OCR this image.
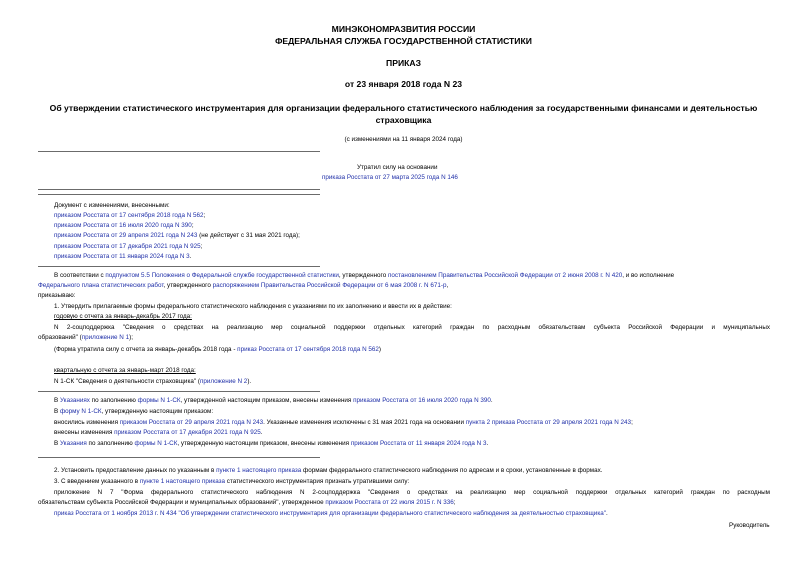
МИНЭКОНОМРАЗВИТИЯ РОССИИ
ФЕДЕРАЛЬНАЯ СЛУЖБА ГОСУДАРСТВЕННОЙ СТАТИСТИКИ
ПРИКАЗ
от 23 января 2018 года N 23
Об утверждении статистического инструментария для организации федерального статистического наблюдения за государственными финансами и деятельностью
страховщика
(с изменениями на 11 января 2024 года)
Утратил силу на основании
приказа Росстата от 27 марта 2025 года N 146
Документ с изменениями, внесенными:
приказом Росстата от 17 сентября 2018 года N 562;
приказом Росстата от 16 июля 2020 года N 390;
приказом Росстата от 29 апреля 2021 года N 243 (не действует с 31 мая 2021 года);
приказом Росстата от 17 декабря 2021 года N 925;
приказом Росстата от 11 января 2024 года N 3.
В соответствии с подпунктом 5.5 Положения о Федеральной службе государственной статистики, утвержденного постановлением Правительства Российской Федерации от 2 июня 2008 г. N 420, и во исполнение
Федерального плана статистических работ, утвержденного распоряжением Правительства Российской Федерации от 6 мая 2008 г. N 671-р,
приказываю:
1. Утвердить прилагаемые формы федерального статистического наблюдения с указаниями по их заполнению и ввести их в действие:
годовую с отчета за январь-декабрь 2017 года:
N 2-соцподдержка "Сведения о средствах на реализацию мер социальной поддержки отдельных категорий граждан по расходным обязательствам субъекта Российской Федерации и муниципальных
образований" (приложение N 1);
(Форма утратила силу с отчета за январь-декабрь 2018 года - приказ Росстата от 17 сентября 2018 года N 562)
квартальную с отчета за январь-март 2018 года:
N 1-СК "Сведения о деятельности страховщика" (приложение N 2).
В Указаниях по заполнению формы N 1-СК, утвержденной настоящим приказом, внесены изменения приказом Росстата от 16 июля 2020 года N 390.
В форму N 1-СК, утвержденную настоящим приказом:
вносились изменения приказом Росстата от 29 апреля 2021 года N 243. Указанные изменения исключены с 31 мая 2021 года на основании пункта 2 приказа Росстата от 29 апреля 2021 года N 243;
внесены изменения приказом Росстата от 17 декабря 2021 года N 925.
В Указания по заполнению формы N 1-СК, утвержденную настоящим приказом, внесены изменения приказом Росстата от 11 января 2024 года N 3.
2. Установить предоставление данных по указанным в пункте 1 настоящего приказа формам федерального статистического наблюдения по адресам и в сроки, установленные в формах.
3. С введением указанного в пункте 1 настоящего приказа статистического инструментария признать утратившими силу:
приложение N 7 "Форма федерального статистического наблюдения N 2-соцподдержка "Сведения о средствах на реализацию мер социальной поддержки отдельных категорий граждан по расходным
обязательствам субъекта Российской Федерации и муниципальных образований", утвержденное приказом Росстата от 22 июля 2015 г. N 336;
приказ Росстата от 1 ноября 2013 г. N 434 "Об утверждении статистического инструментария для организации федерального статистического наблюдения за деятельностью страховщика".
Руководитель
